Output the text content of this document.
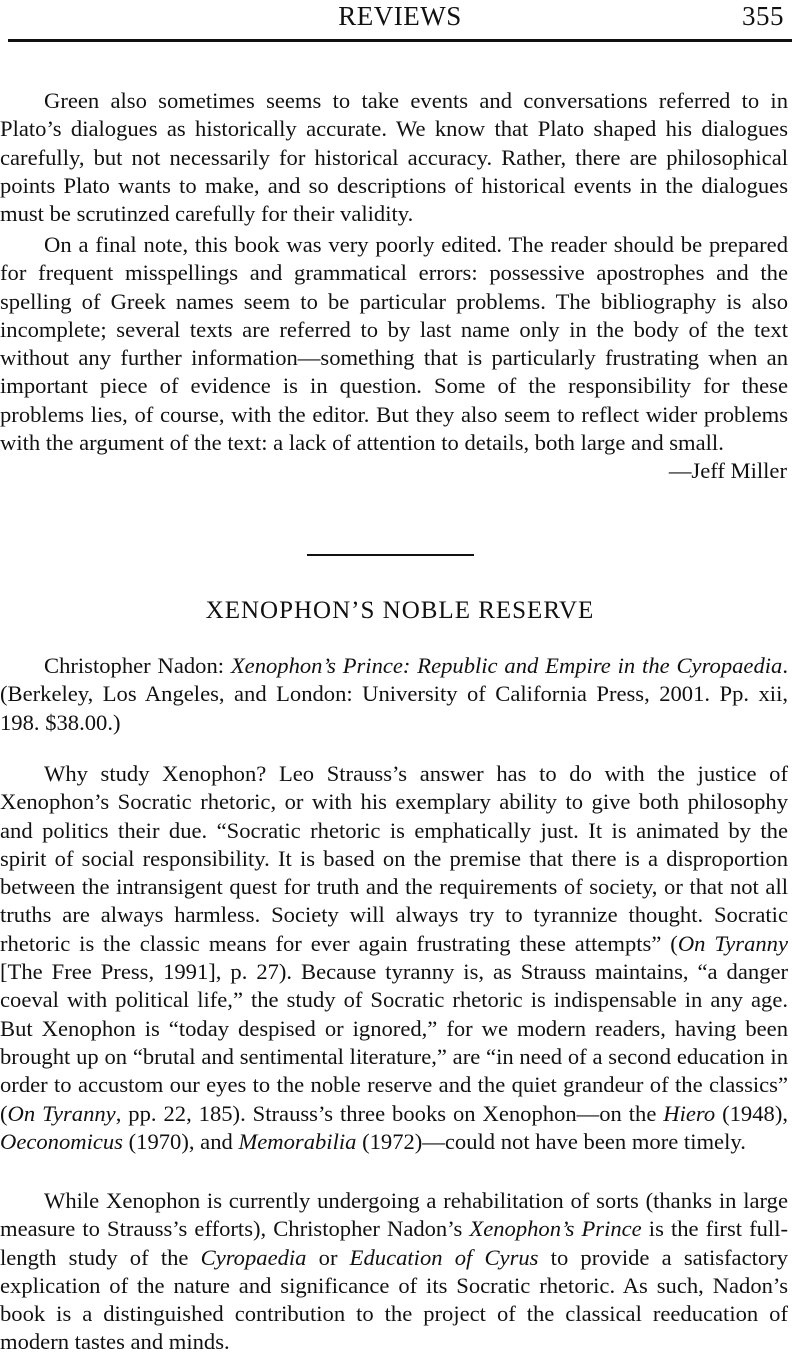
REVIEWS	355

Green also sometimes seems to take events and conversations referred to in Plato’s dialogues as historically accurate. We know that Plato shaped his dialogues carefully, but not necessarily for historical accuracy. Rather, there are philosophical points Plato wants to make, and so descriptions of historical events in the dialogues must be scrutinzed carefully for their validity.

On a final note, this book was very poorly edited. The reader should be prepared for frequent misspellings and grammatical errors: possessive apostrophes and the spelling of Greek names seem to be particular problems. The bibliography is also incomplete; several texts are referred to by last name only in the body of the text without any further information—something that is particularly frustrating when an important piece of evidence is in question. Some of the responsibility for these problems lies, of course, with the editor. But they also seem to reflect wider problems with the argument of the text: a lack of attention to details, both large and small.

—Jeff Miller
XENOPHON’S NOBLE RESERVE

Christopher Nadon: Xenophon’s Prince: Republic and Empire in the Cyropaedia. (Berkeley, Los Angeles, and London: University of California Press, 2001. Pp. xii, 198. $38.00.)

Why study Xenophon? Leo Strauss’s answer has to do with the justice of Xenophon’s Socratic rhetoric, or with his exemplary ability to give both philosophy and politics their due. “Socratic rhetoric is emphatically just. It is animated by the spirit of social responsibility. It is based on the premise that there is a disproportion between the intransigent quest for truth and the requirements of society, or that not all truths are always harmless. Society will always try to tyrannize thought. Socratic rhetoric is the classic means for ever again frustrating these attempts” (On Tyranny [The Free Press, 1991], p. 27). Because tyranny is, as Strauss maintains, “a danger coeval with political life,” the study of Socratic rhetoric is indispensable in any age. But Xenophon is “today despised or ignored,” for we modern readers, having been brought up on “brutal and sentimental literature,” are “in need of a second education in order to accustom our eyes to the noble reserve and the quiet grandeur of the classics” (On Tyranny, pp. 22, 185). Strauss’s three books on Xenophon—on the Hiero (1948), Oeconomicus (1970), and Memorabilia (1972)—could not have been more timely.

While Xenophon is currently undergoing a rehabilitation of sorts (thanks in large measure to Strauss’s efforts), Christopher Nadon’s Xenophon’s Prince is the first full-length study of the Cyropaedia or Education of Cyrus to provide a satisfactory explication of the nature and significance of its Socratic rhetoric. As such, Nadon’s book is a distinguished contribution to the project of the classical reeducation of modern tastes and minds.
